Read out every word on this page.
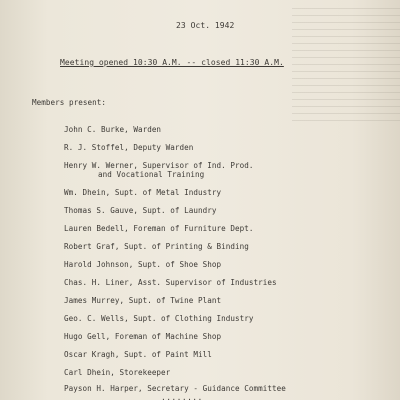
23 Oct. 1942
Meeting opened 10:30 A.M. -- closed 11:30 A.M.
Members present:
John C. Burke, Warden
R. J. Stoffel, Deputy Warden
Henry W. Werner, Supervisor of Ind. Prod.
and Vocational Training
Wm. Dhein, Supt. of Metal Industry
Thomas S. Gauve, Supt. of Laundry
Lauren Bedell, Foreman of Furniture Dept.
Robert Graf, Supt. of Printing & Binding
Harold Johnson, Supt. of Shoe Shop
Chas. H. Liner, Asst. Supervisor of Industries
James Murrey, Supt. of Twine Plant
Geo. C. Wells, Supt. of Clothing Industry
Hugo Gell, Foreman of Machine Shop
Oscar Kragh, Supt. of Paint Mill
Carl Dhein, Storekeeper
Payson H. Harper, Secretary - Guidance Committee
........
